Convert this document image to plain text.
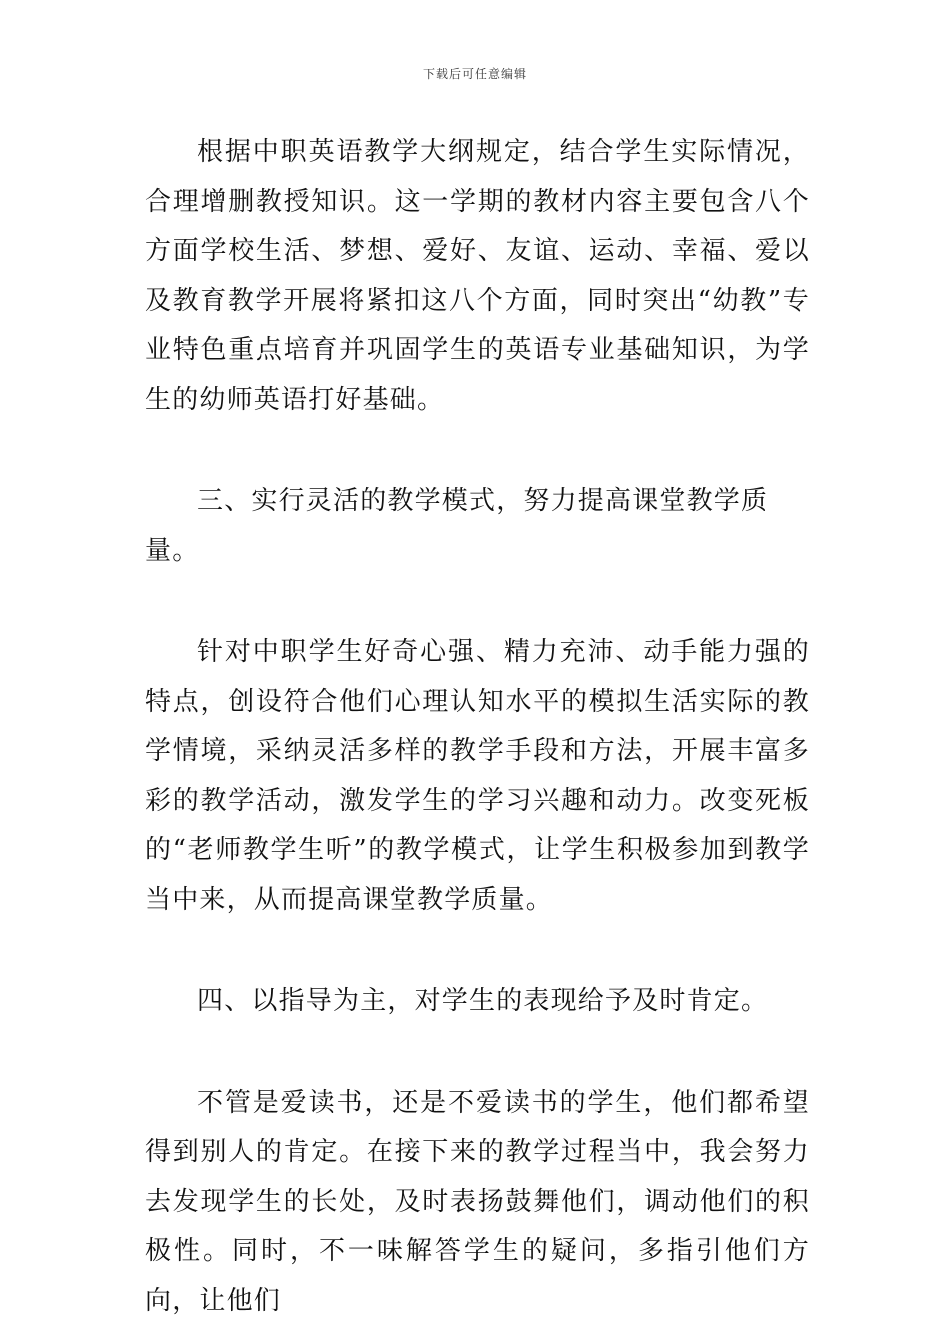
下载后可任意编辑

根据中职英语教学大纲规定，结合学生实际情况，合理增删教授知识。这一学期的教材内容主要包含八个方面学校生活、梦想、爱好、友谊、运动、幸福、爱以及教育教学开展将紧扣这八个方面，同时突出“幼教”专业特色重点培育并巩固学生的英语专业基础知识，为学生的幼师英语打好基础。

三、实行灵活的教学模式，努力提高课堂教学质量。

针对中职学生好奇心强、精力充沛、动手能力强的特点，创设符合他们心理认知水平的模拟生活实际的教学情境，采纳灵活多样的教学手段和方法，开展丰富多彩的教学活动，激发学生的学习兴趣和动力。改变死板的“老师教学生听”的教学模式，让学生积极参加到教学当中来，从而提高课堂教学质量。

四、以指导为主，对学生的表现给予及时肯定。

不管是爱读书，还是不爱读书的学生，他们都希望得到别人的肯定。在接下来的教学过程当中，我会努力去发现学生的长处，及时表扬鼓舞他们，调动他们的积极性。同时，不一味解答学生的疑问，多指引他们方向，让他们
